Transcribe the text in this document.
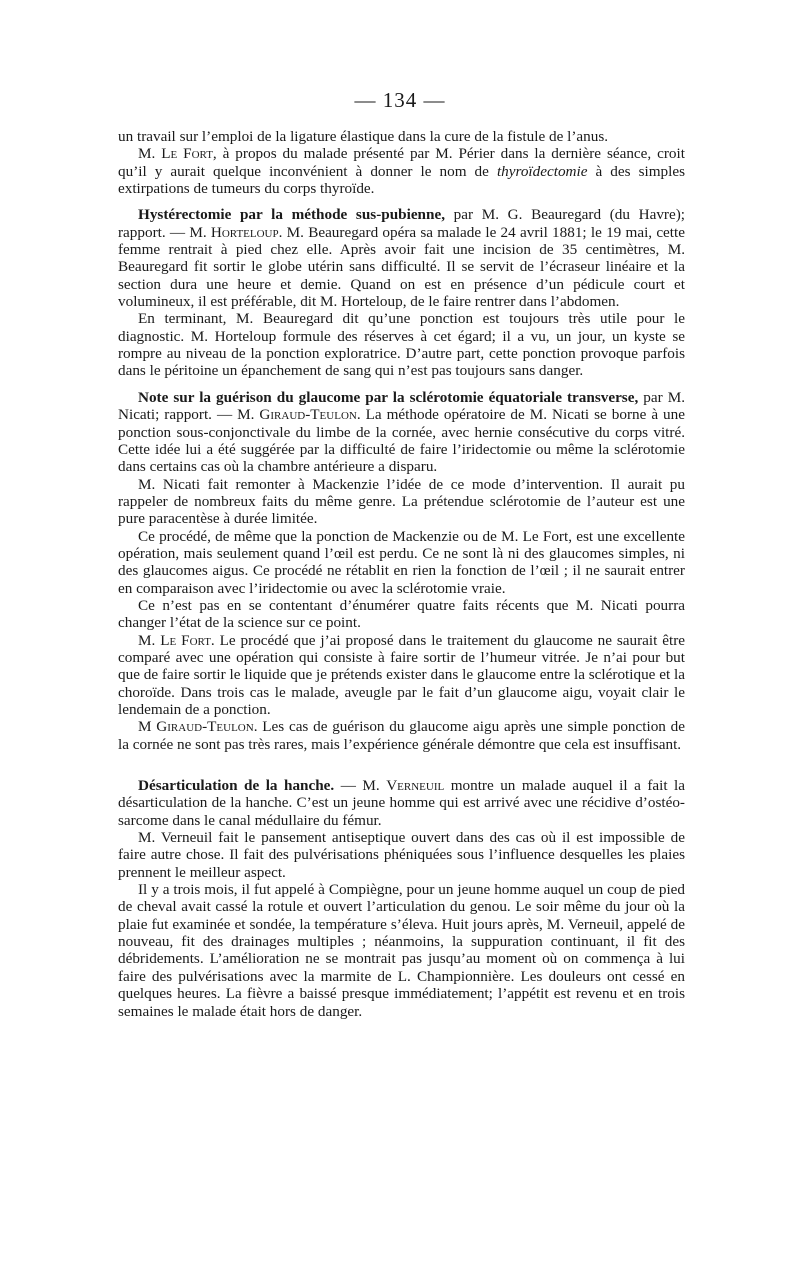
— 134 —

un travail sur l’emploi de la ligature élastique dans la cure de la fistule de l’anus.

M. Le Fort, à propos du malade présenté par M. Périer dans la dernière séance, croit qu’il y aurait quelque inconvénient à donner le nom de thyroïdectomie à des simples extirpations de tumeurs du corps thyroïde.

Hystérectomie par la méthode sus-pubienne, par M. G. Beauregard (du Havre); rapport. — M. Horteloup. M. Beauregard opéra sa malade le 24 avril 1881; le 19 mai, cette femme rentrait à pied chez elle. Après avoir fait une incision de 35 centimètres, M. Beauregard fit sortir le globe utérin sans difficulté. Il se servit de l’écraseur linéaire et la section dura une heure et demie. Quand on est en présence d’un pédicule court et volumineux, il est préférable, dit M. Horteloup, de le faire rentrer dans l’abdomen.

En terminant, M. Beauregard dit qu’une ponction est toujours très utile pour le diagnostic. M. Horteloup formule des réserves à cet égard; il a vu, un jour, un kyste se rompre au niveau de la ponction exploratrice. D’autre part, cette ponction provoque parfois dans le péritoine un épanchement de sang qui n’est pas toujours sans danger.

Note sur la guérison du glaucome par la sclérotomie équatoriale transverse, par M. Nicati; rapport. — M. Giraud-Teulon. La méthode opératoire de M. Nicati se borne à une ponction sous-conjonctivale du limbe de la cornée, avec hernie consécutive du corps vitré. Cette idée lui a été suggérée par la difficulté de faire l’iridectomie ou même la sclérotomie dans certains cas où la chambre antérieure a disparu.

M. Nicati fait remonter à Mackenzie l’idée de ce mode d’intervention. Il aurait pu rappeler de nombreux faits du même genre. La prétendue sclérotomie de l’auteur est une pure paracentèse à durée limitée.

Ce procédé, de même que la ponction de Mackenzie ou de M. Le Fort, est une excellente opération, mais seulement quand l’œil est perdu. Ce ne sont là ni des glaucomes simples, ni des glaucomes aigus. Ce procédé ne rétablit en rien la fonction de l’œil ; il ne saurait entrer en comparaison avec l’iridectomie ou avec la sclérotomie vraie.

Ce n’est pas en se contentant d’énumérer quatre faits récents que M. Nicati pourra changer l’état de la science sur ce point.

M. Le Fort. Le procédé que j’ai proposé dans le traitement du glaucome ne saurait être comparé avec une opération qui consiste à faire sortir de l’humeur vitrée. Je n’ai pour but que de faire sortir le liquide que je prétends exister dans le glaucome entre la sclérotique et la choroïde. Dans trois cas le malade, aveugle par le fait d’un glaucome aigu, voyait clair le lendemain de a ponction.

M Giraud-Teulon. Les cas de guérison du glaucome aigu après une simple ponction de la cornée ne sont pas très rares, mais l’expérience générale démontre que cela est insuffisant.

Désarticulation de la hanche. — M. Verneuil montre un malade auquel il a fait la désarticulation de la hanche. C’est un jeune homme qui est arrivé avec une récidive d’ostéo-sarcome dans le canal médullaire du fémur.

M. Verneuil fait le pansement antiseptique ouvert dans des cas où il est impossible de faire autre chose. Il fait des pulvérisations phéniquées sous l’influence desquelles les plaies prennent le meilleur aspect.

Il y a trois mois, il fut appelé à Compiègne, pour un jeune homme auquel un coup de pied de cheval avait cassé la rotule et ouvert l’articulation du genou. Le soir même du jour où la plaie fut examinée et sondée, la température s’éleva. Huit jours après, M. Verneuil, appelé de nouveau, fit des drainages multiples ; néanmoins, la suppuration continuant, il fit des débridements. L’amélioration ne se montrait pas jusqu’au moment où on commença à lui faire des pulvérisations avec la marmite de L. Championnière. Les douleurs ont cessé en quelques heures. La fièvre a baissé presque immédiatement; l’appétit est revenu et en trois semaines le malade était hors de danger.
